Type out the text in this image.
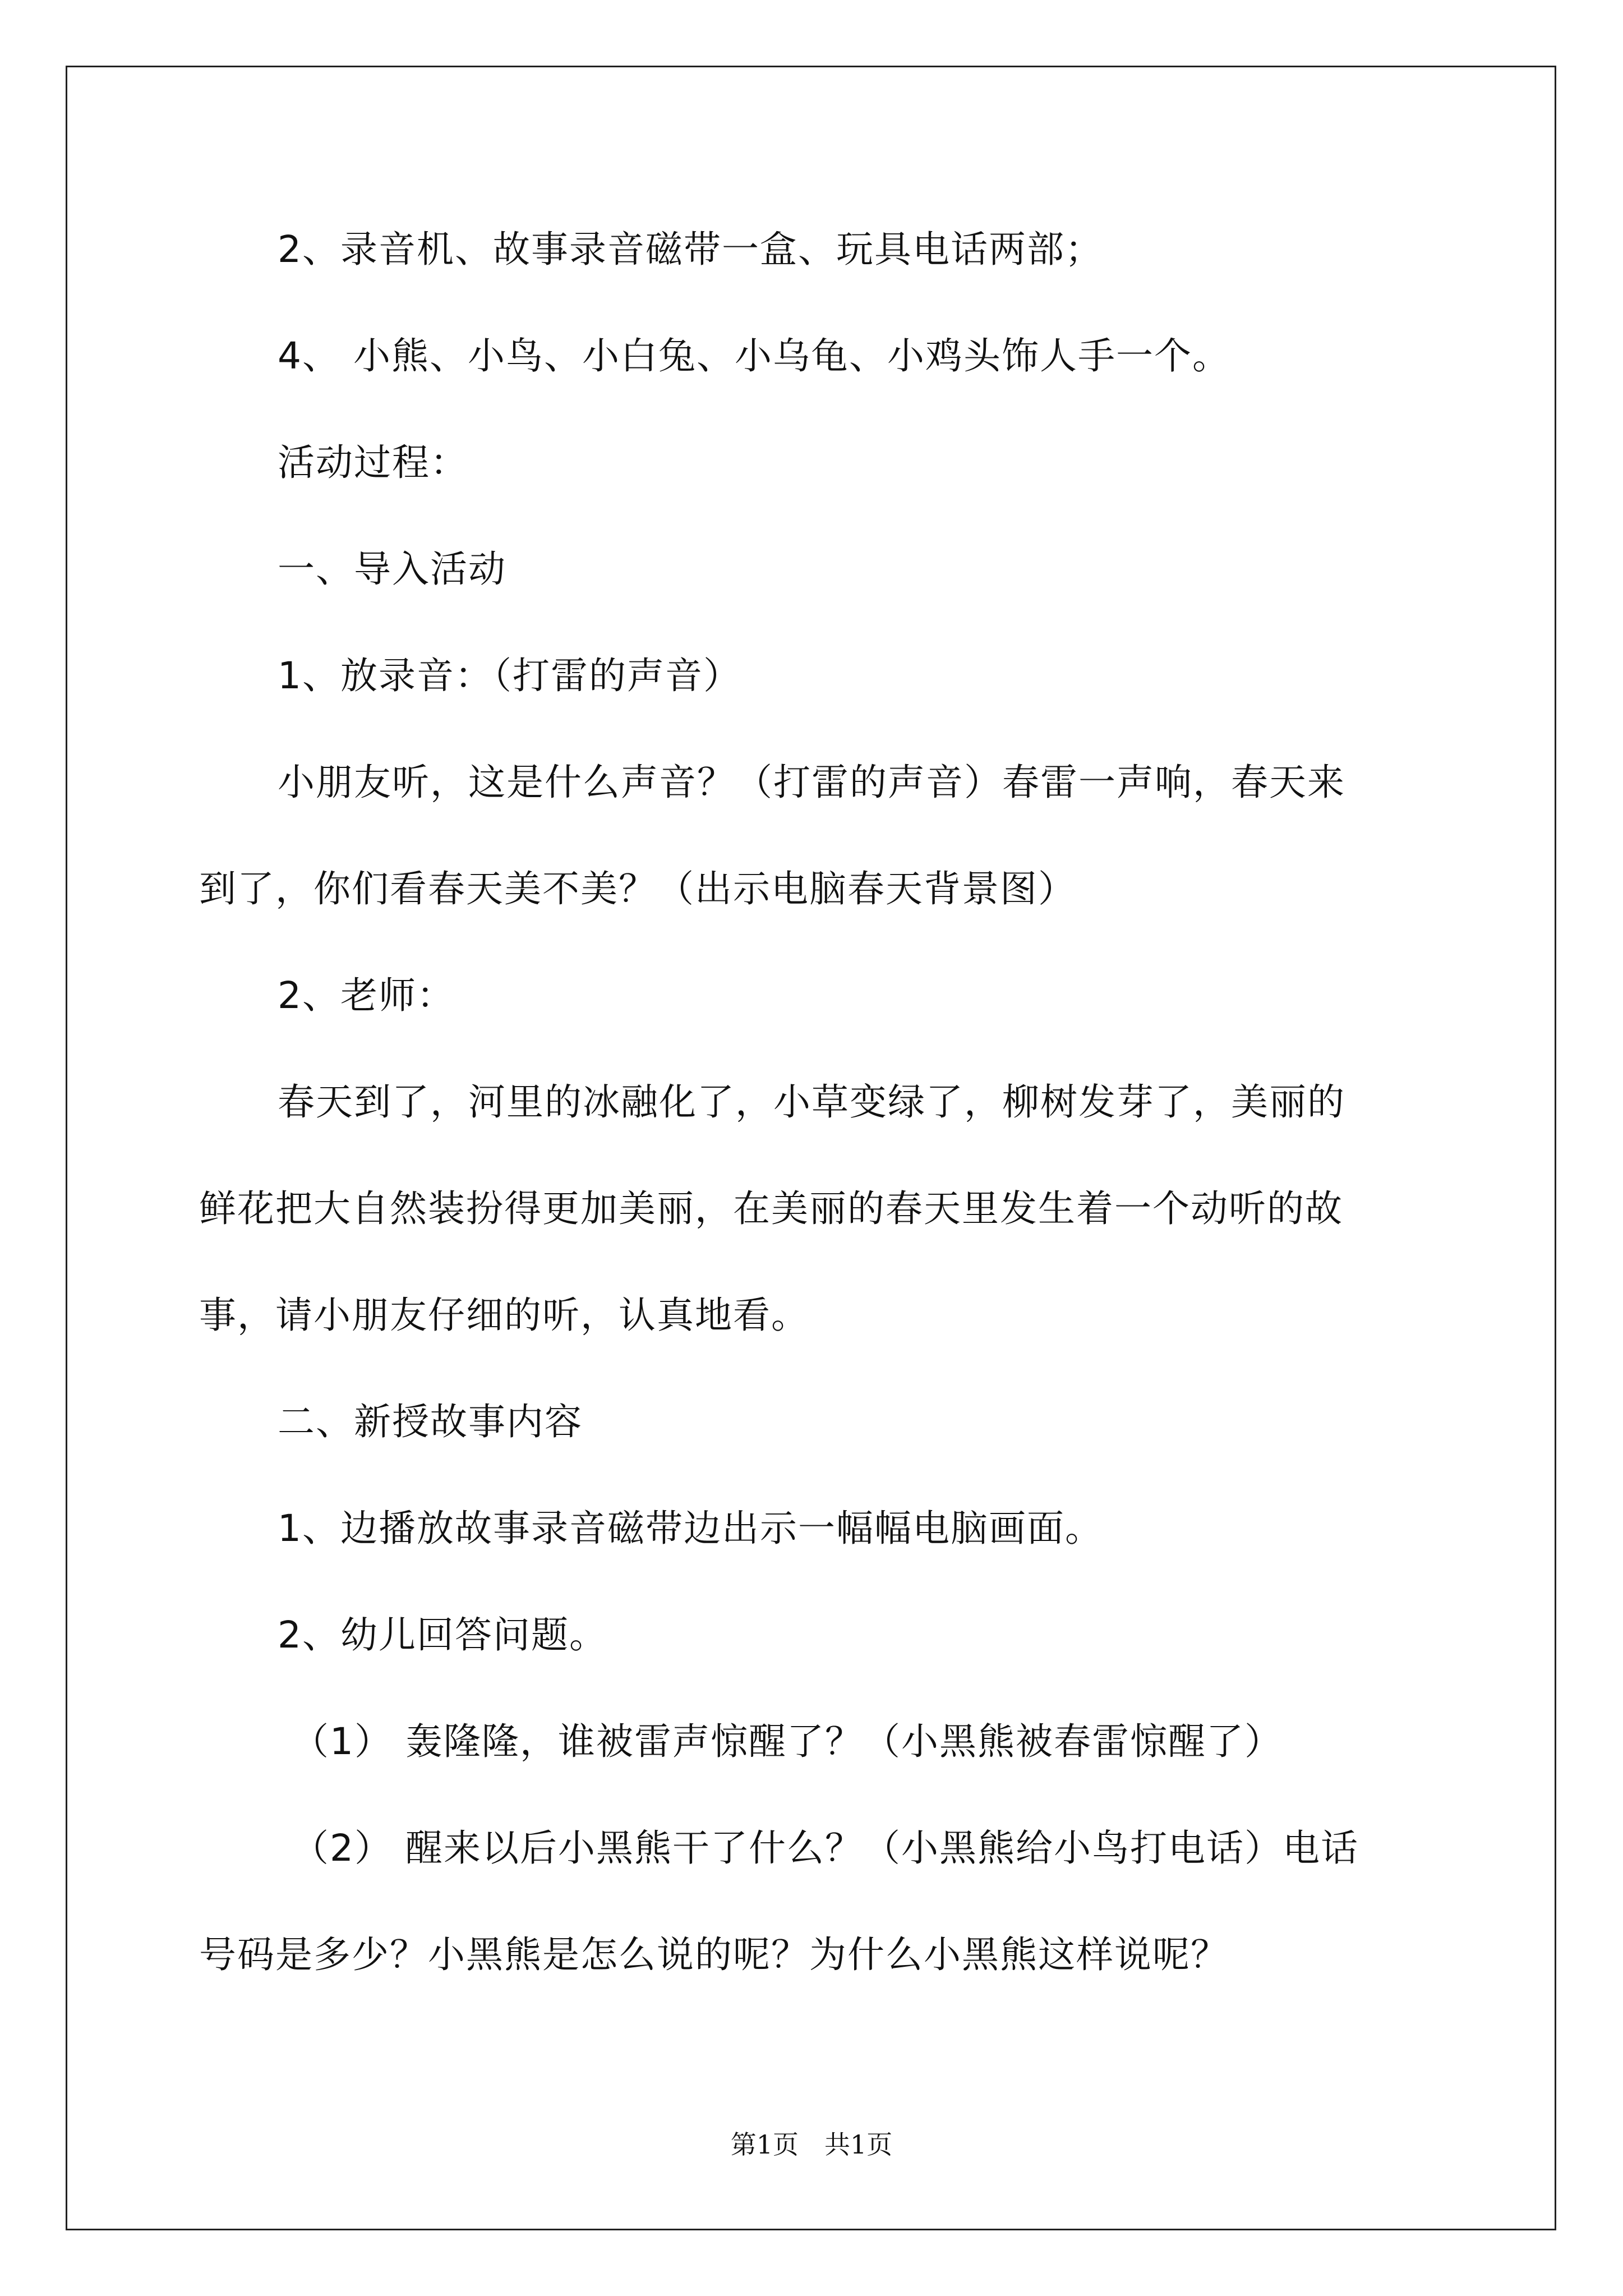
2、录音机、故事录音磁带一盒、玩具电话两部；
4、 小熊、小鸟、小白兔、小乌龟、小鸡头饰人手一个。
活动过程：
一、导入活动
1、放录音：（打雷的声音）
小朋友听，这是什么声音？（打雷的声音）春雷一声响，春天来
到了，你们看春天美不美？（出示电脑春天背景图）
2、老师：
春天到了，河里的冰融化了，小草变绿了，柳树发芽了，美丽的
鲜花把大自然装扮得更加美丽，在美丽的春天里发生着一个动听的故
事，请小朋友仔细的听，认真地看。
二、新授故事内容
1、边播放故事录音磁带边出示一幅幅电脑画面。
2、幼儿回答问题。
（1） 轰隆隆，谁被雷声惊醒了？（小黑熊被春雷惊醒了）
（2） 醒来以后小黑熊干了什么？（小黑熊给小鸟打电话）电话
号码是多少？小黑熊是怎么说的呢？为什么小黑熊这样说呢？
第1页　共1页
